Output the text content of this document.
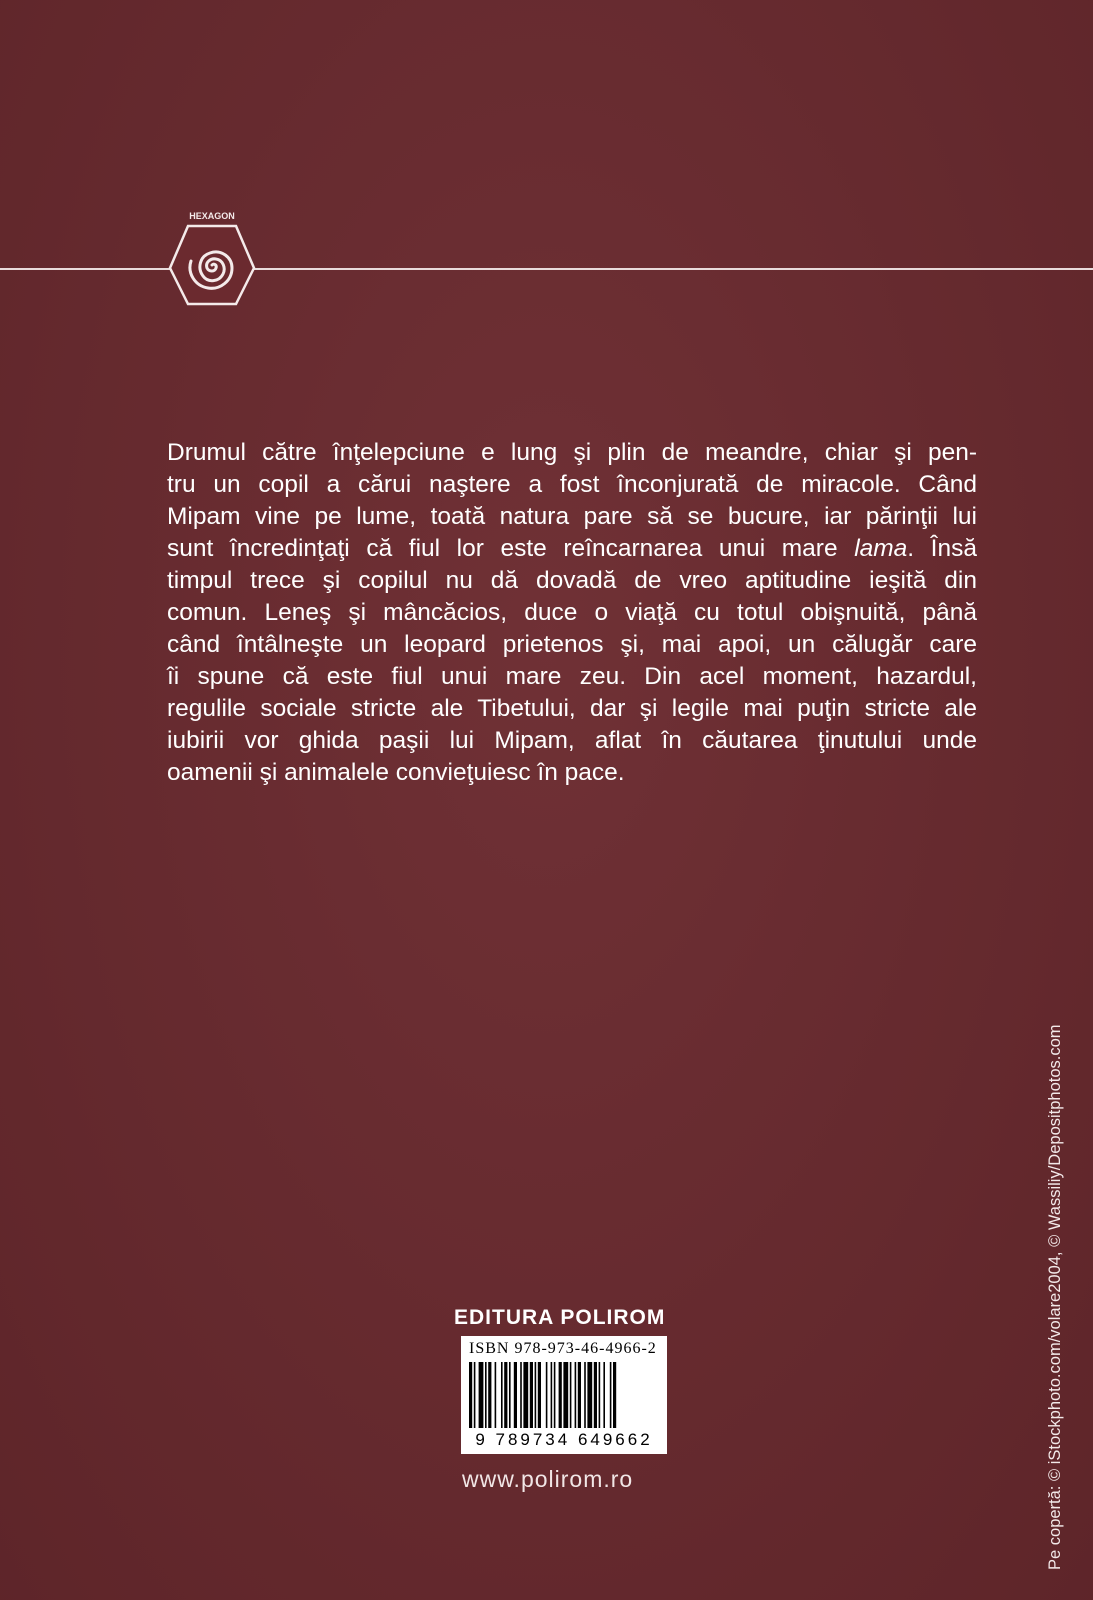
HEXAGON
Drumul către înţelepciune e lung şi plin de meandre, chiar şi pen-
tru un copil a cărui naştere a fost înconjurată de miracole. Când
Mipam vine pe lume, toată natura pare să se bucure, iar părinţii lui
sunt încredinţaţi că fiul lor este reîncarnarea unui mare lama. Însă
timpul trece şi copilul nu dă dovadă de vreo aptitudine ieşită din
comun. Leneş şi mâncăcios, duce o viaţă cu totul obişnuită, până
când întâlneşte un leopard prietenos şi, mai apoi, un călugăr care
îi spune că este fiul unui mare zeu. Din acel moment, hazardul,
regulile sociale stricte ale Tibetului, dar şi legile mai puţin stricte ale
iubirii vor ghida paşii lui Mipam, aflat în căutarea ţinutului unde
oamenii şi animalele convieţuiesc în pace.
EDITURA POLIROM
ISBN 978-973-46-4966-2
9 789734 649662
www.polirom.ro	Pe copertă: © iStockphoto.com/volare2004, © Wassiliy/Depositphotos.com
